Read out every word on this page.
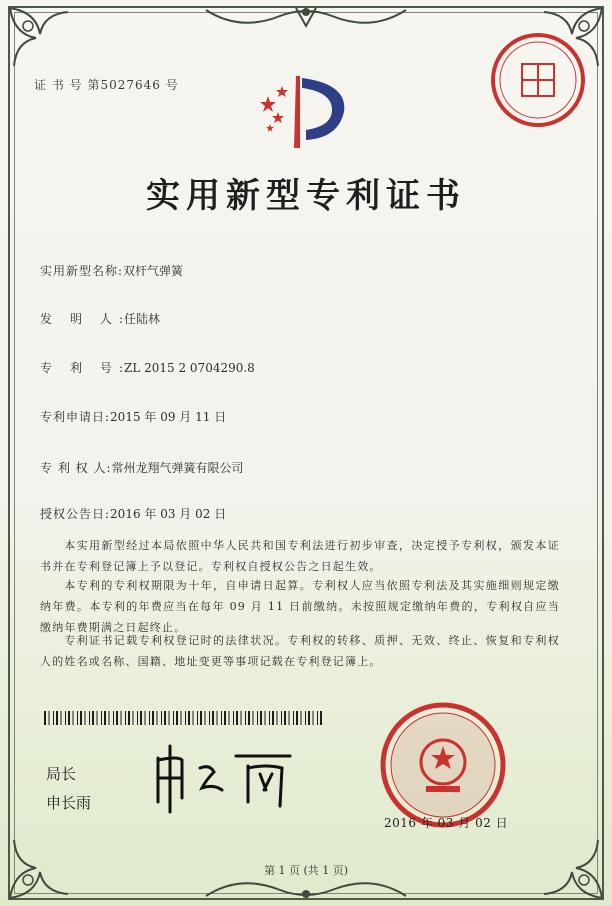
证 书 号 第5027646 号
实用新型专利证书
实用新型名称:双杆气弹簧
发 明 人:任陆林
专 利 号:ZL 2015 2 0704290.8
专利申请日:2015 年 09 月 11 日
专 利 权 人:常州龙翔气弹簧有限公司
授权公告日:2016 年 03 月 02 日
本实用新型经过本局依照中华人民共和国专利法进行初步审查，决定授予专利权，颁发本证书并在专利登记簿上予以登记。专利权自授权公告之日起生效。
本专利的专利权期限为十年，自申请日起算。专利权人应当依照专利法及其实施细则规定缴纳年费。本专利的年费应当在每年 09 月 11 日前缴纳。未按照规定缴纳年费的，专利权自应当缴纳年费期满之日起终止。
专利证书记载专利权登记时的法律状况。专利权的转移、质押、无效、终止、恢复和专利权人的姓名或名称、国籍、地址变更等事项记载在专利登记簿上。
局长
申长雨
2016 年 03 月 02 日
第 1 页 (共 1 页)
